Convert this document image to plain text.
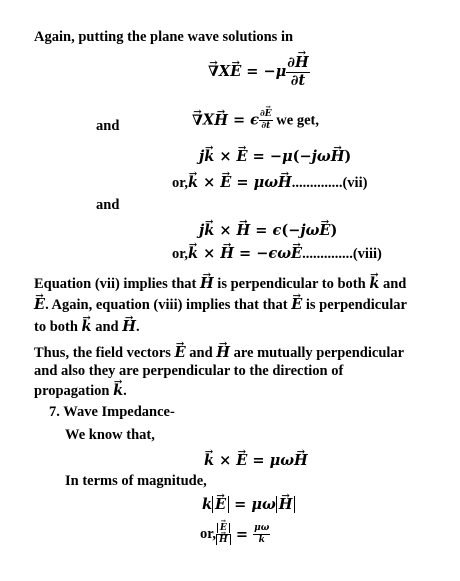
Again, putting the plane wave solutions in
→ $\nabla X\to E = -\mu \frac{\partial\to H}{\partial t}$
and	→ ∇X→ H = ϵ $\frac{\partial\to E}{\partial t}$ we get,
j→ k × → E = −μ(−jω→ H)
or,→ k × → E = μω→ H..............(vii)
and
j→ k × → H = ϵ(−jω→ E)
or,→ k × → H = −ϵω→ E..............(viii)
Equation (vii) implies that → H is perpendicular to both → k and
→ E. Again, equation (viii) implies that that → E is perpendicular
to both → k and → H.
Thus, the field vectors → E and → H are mutually perpendicular
and also they are perpendicular to the direction of
propagation → k.
7. Wave Impedance-
We know that,
→ k × → E = μω→ H
In terms of magnitude,
k → E = μω → H
or, → E
→ $H = \frac{\mu\omega}{k}$
